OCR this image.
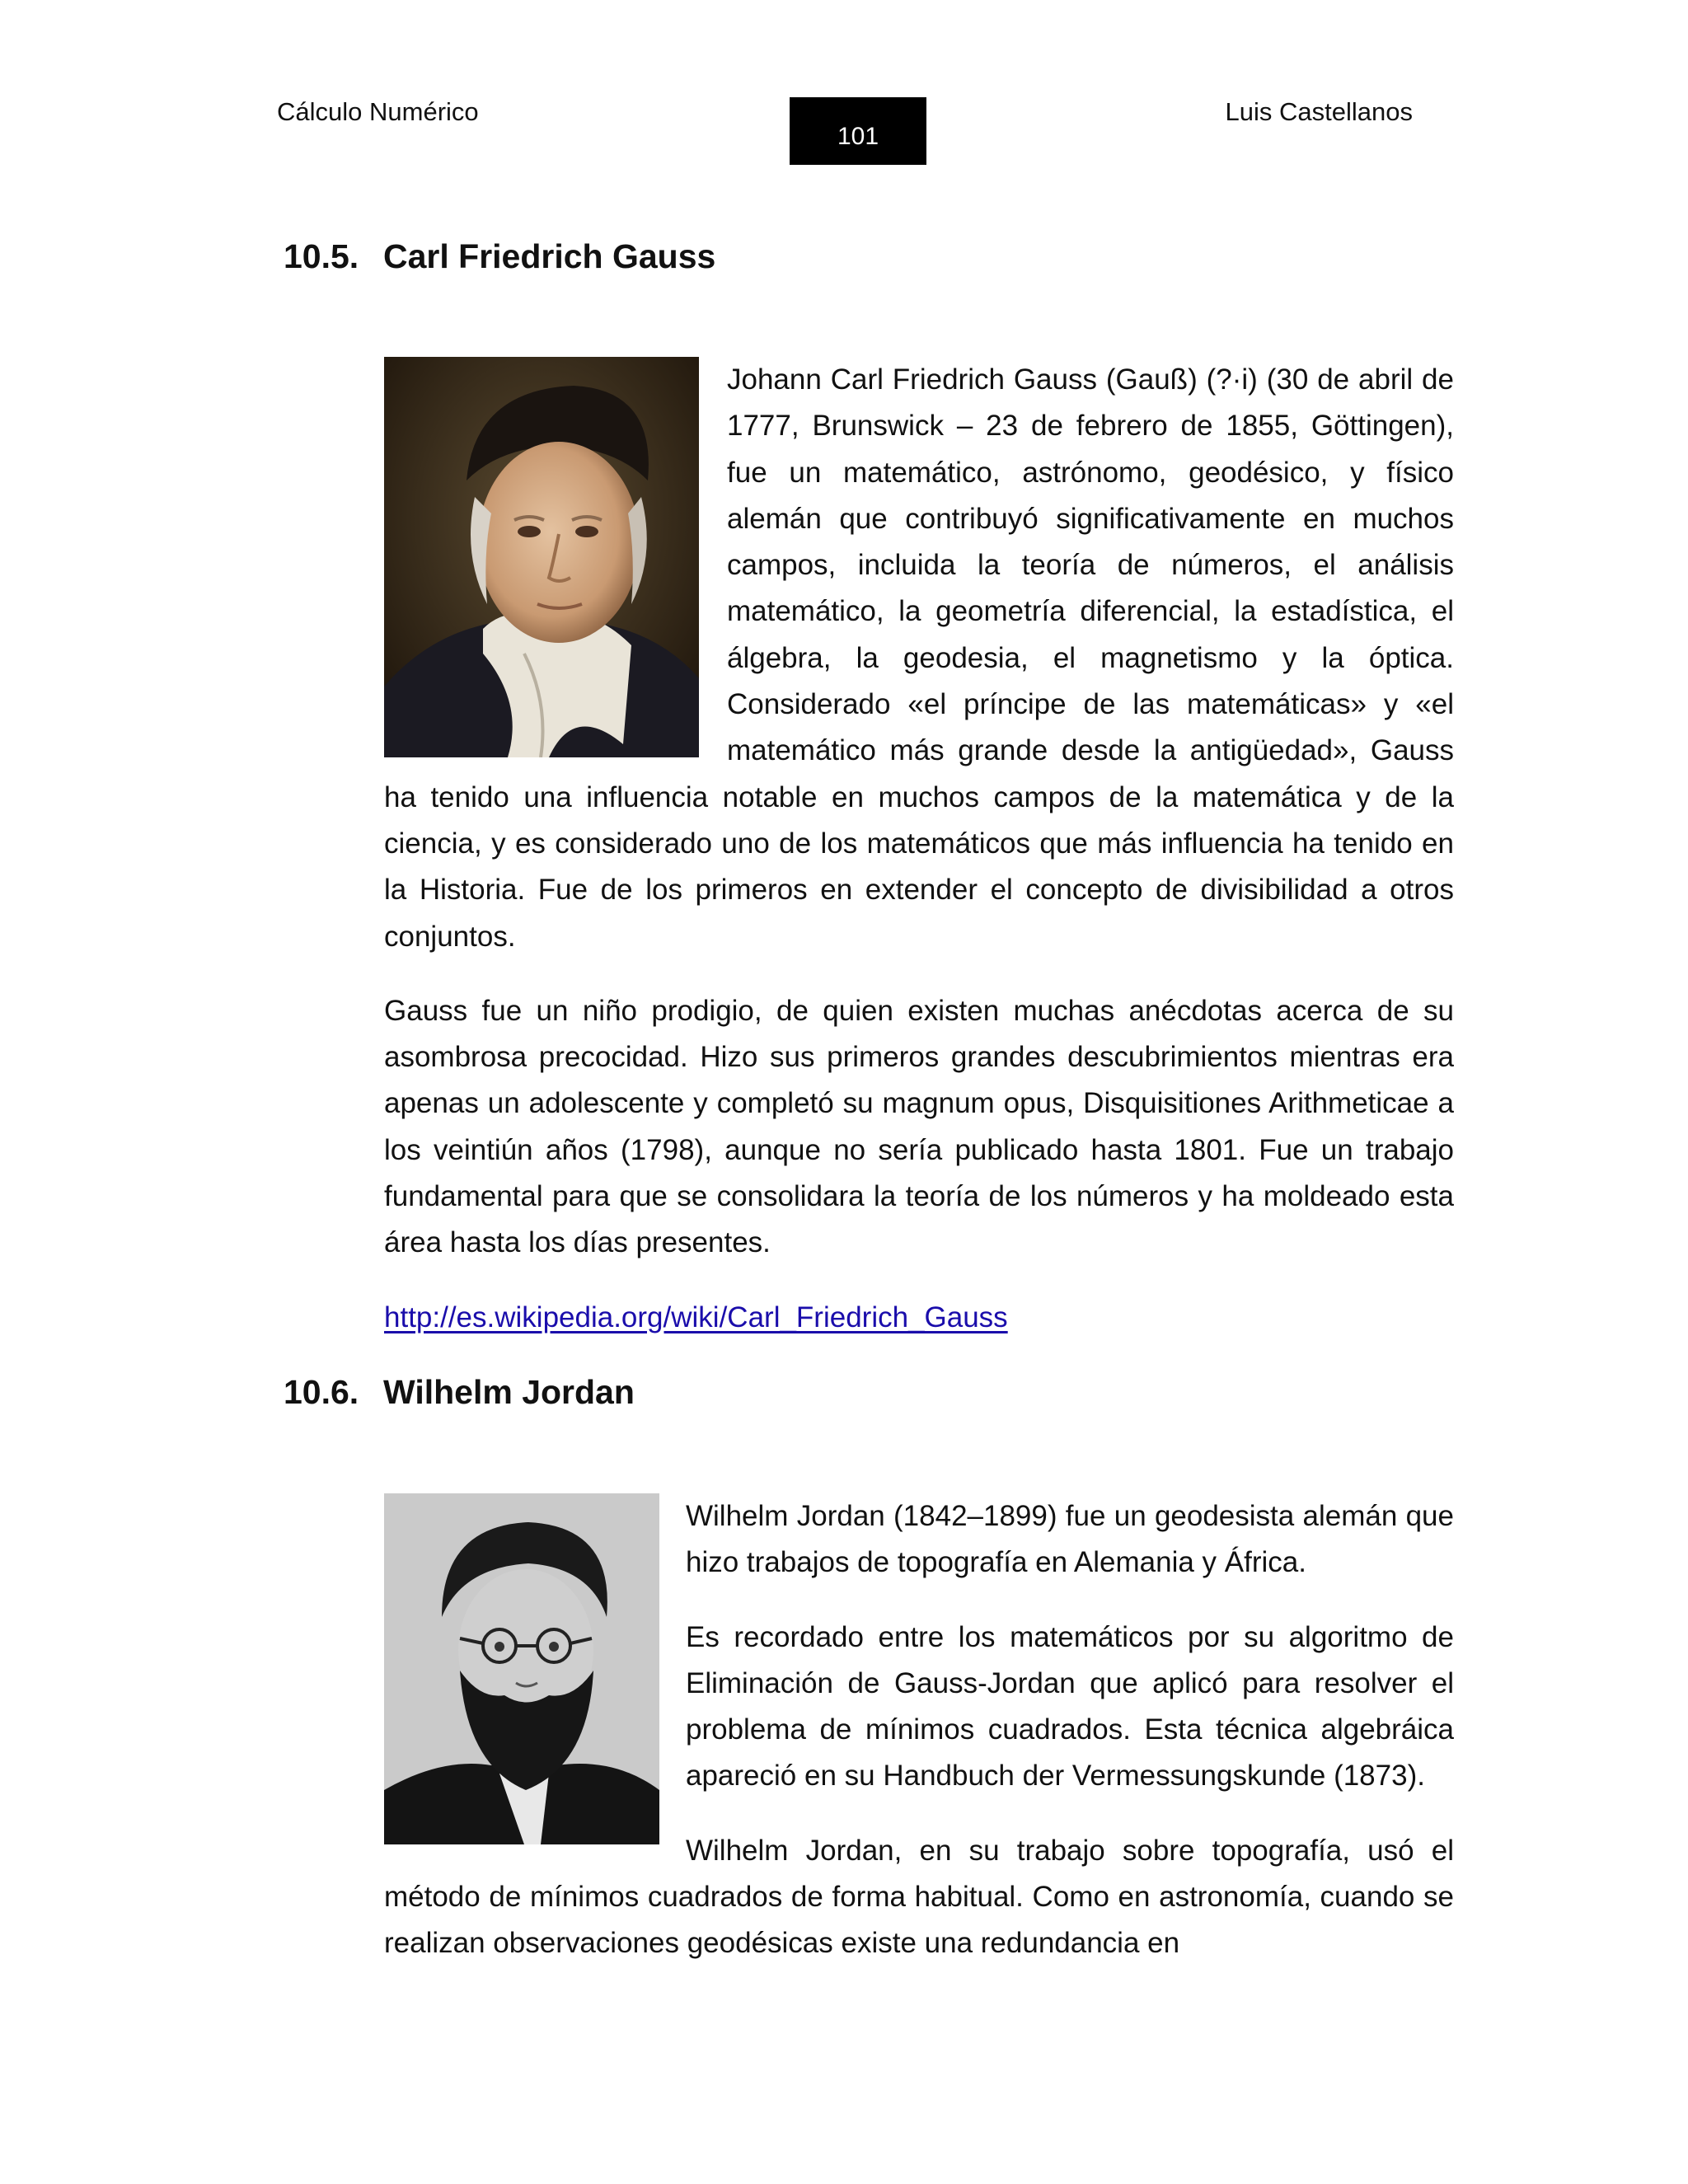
Cálculo Numérico
101
Luis Castellanos
10.5. Carl Friedrich Gauss

Johann Carl Friedrich Gauss (Gauß) (?·i) (30 de abril de 1777, Brunswick – 23 de febrero de 1855, Göttingen), fue un matemático, astrónomo, geodésico, y físico alemán que contribuyó significativamente en muchos campos, incluida la teoría de números, el análisis matemático, la geometría diferencial, la estadística, el álgebra, la geodesia, el magnetismo y la óptica. Considerado «el príncipe de las matemáticas» y «el matemático más grande desde la antigüedad», Gauss ha tenido una influencia notable en muchos campos de la matemática y de la ciencia, y es considerado uno de los matemáticos que más influencia ha tenido en la Historia. Fue de los primeros en extender el concepto de divisibilidad a otros conjuntos.

Gauss fue un niño prodigio, de quien existen muchas anécdotas acerca de su asombrosa precocidad. Hizo sus primeros grandes descubrimientos mientras era apenas un adolescente y completó su magnum opus, Disquisitiones Arithmeticae a los veintiún años (1798), aunque no sería publicado hasta 1801. Fue un trabajo fundamental para que se consolidara la teoría de los números y ha moldeado esta área hasta los días presentes.

http://es.wikipedia.org/wiki/Carl_Friedrich_Gauss

10.6. Wilhelm Jordan

Wilhelm Jordan (1842–1899) fue un geodesista alemán que hizo trabajos de topografía en Alemania y África.

Es recordado entre los matemáticos por su algoritmo de Eliminación de Gauss-Jordan que aplicó para resolver el problema de mínimos cuadrados. Esta técnica algebráica apareció en su Handbuch der Vermessungskunde (1873).

Wilhelm Jordan, en su trabajo sobre topografía, usó el método de mínimos cuadrados de forma habitual. Como en astronomía, cuando se realizan observaciones geodésicas existe una redundancia en
